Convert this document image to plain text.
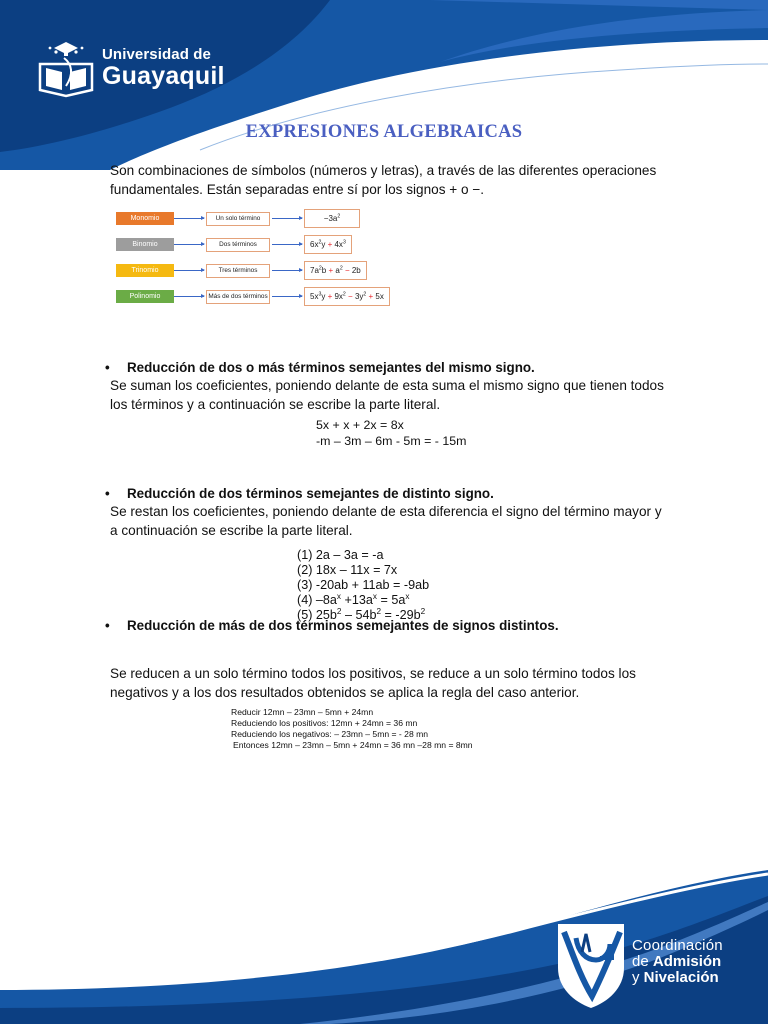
Universidad de
Guayaquil
Coordinación
de Admisión
y Nivelación
EXPRESIONES ALGEBRAICAS
Son combinaciones de símbolos (números y letras), a través de las diferentes operaciones fundamentales. Están separadas entre sí por los signos + o −.
Monomio	Un solo término	$-3a^2$
Binomio	Dos términos	$6x^2y + 4x^3$
Trinomio	Tres términos	$7a^2b + a^2 - 2b$
Polinomio	Más de dos términos	$5x^3y + 9x^2 - 3y^2 + 5x$
• Reducción de dos o más términos semejantes del mismo signo.
Se suman los coeficientes, poniendo delante de esta suma el mismo signo que tienen todos los términos y a continuación se escribe la parte literal.
5x + x + 2x = 8x
-m – 3m – 6m - 5m = - 15m
• Reducción de dos términos semejantes de distinto signo.
Se restan los coeficientes, poniendo delante de esta diferencia el signo del término mayor y a continuación se escribe la parte literal.
(1) 2a – 3a = -a
(2) 18x – 11x = 7x
(3) -20ab + 11ab = -9ab
(4) $-8a^x +13a^x = 5a^x$
(5) $25b^2 - 54b^2 = -29b^2$
• Reducción de más de dos términos semejantes de signos distintos.
Se reducen a un solo término todos los positivos, se reduce a un solo término todos los negativos y a los dos resultados obtenidos se aplica la regla del caso anterior.
Reducir 12mn – 23mn – 5mn + 24mn
Reduciendo los positivos: 12mn + 24mn = 36 mn
Reduciendo los negativos: – 23mn – 5mn = - 28 mn
Entonces 12mn – 23mn – 5mn + 24mn = 36 mn –28 mn = 8mn
